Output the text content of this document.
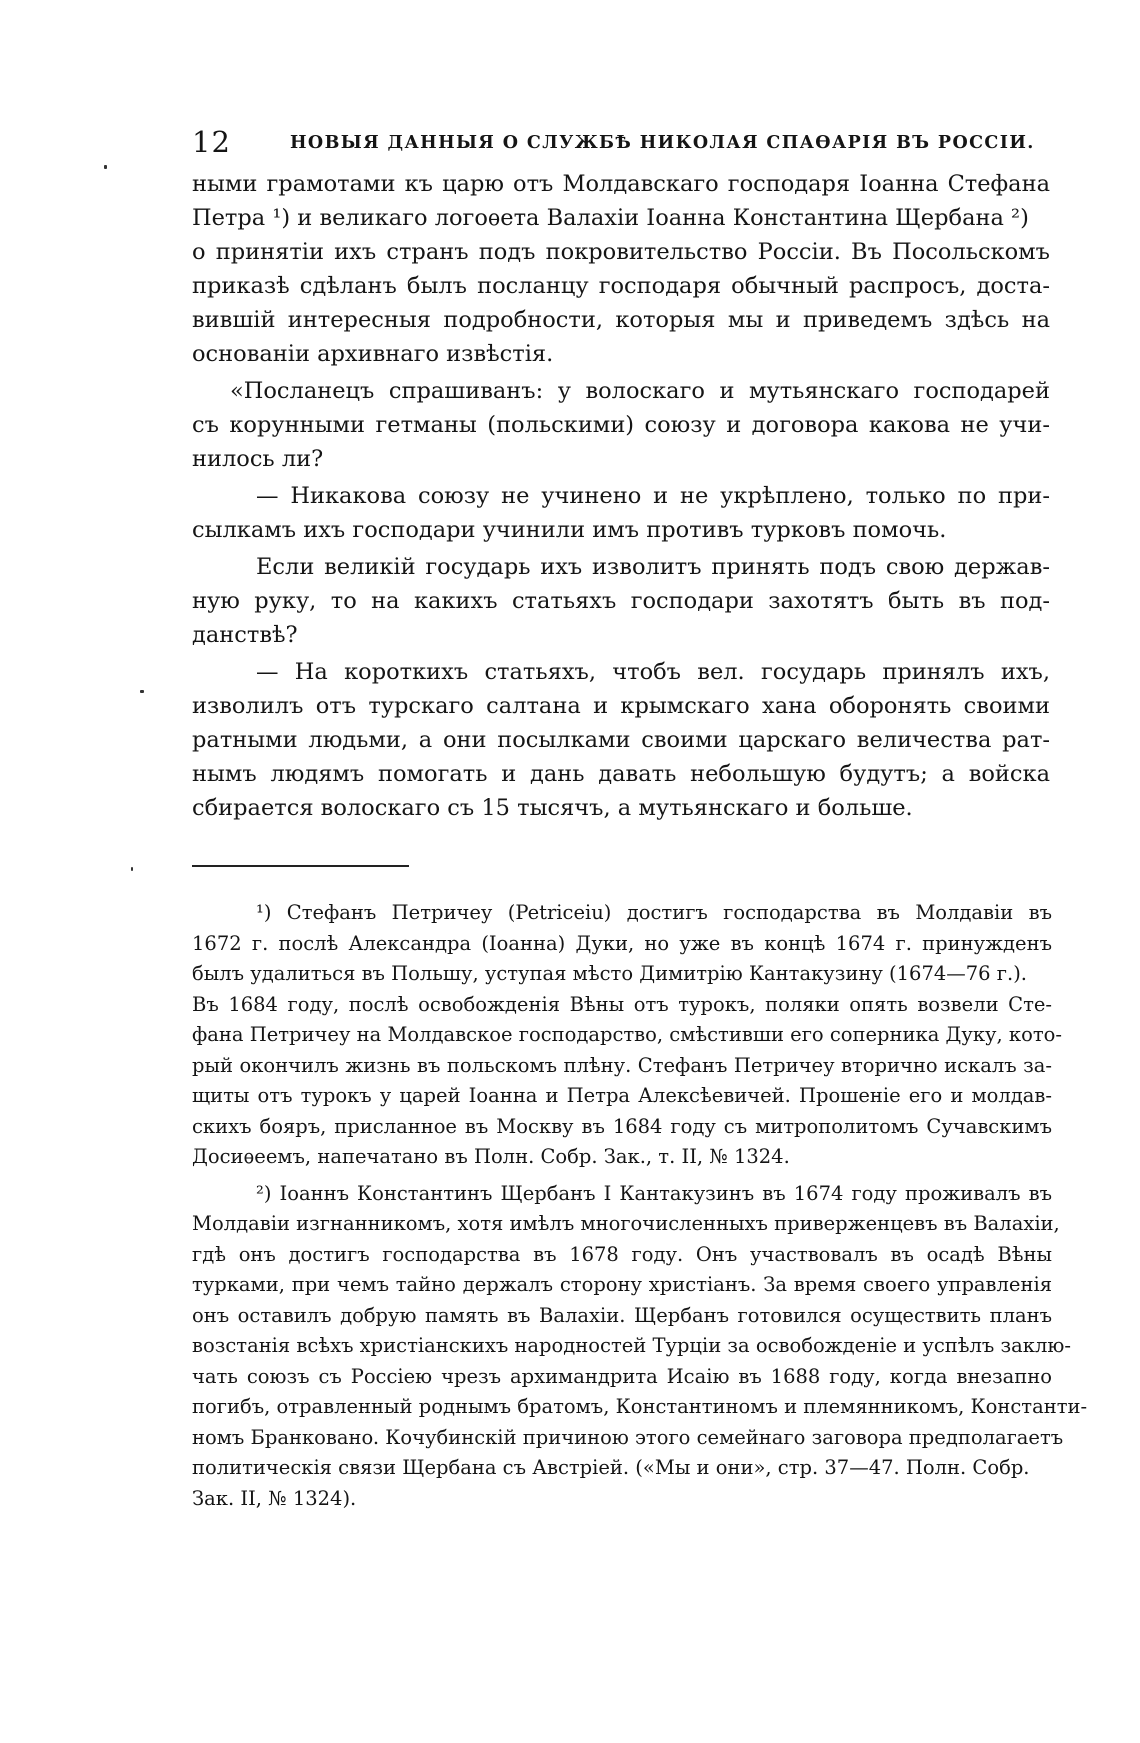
12	НОВЫЯ ДАННЫЯ О СЛУЖБѢ НИКОЛАЯ СПАѲАРІЯ ВЪ РОССІИ.
ными грамотами къ царю отъ Молдавскаго господаря Іоанна Стефана
Петра ¹) и великаго логоѳета Валахіи Іоанна Константина Щербана ²)
о принятіи ихъ странъ подъ покровительство Россіи. Въ Посольскомъ
приказѣ сдѣланъ былъ посланцу господаря обычный распросъ, доста-
вившій интересныя подробности, которыя мы и приведемъ здѣсь на
основаніи архивнаго извѣстія.
«Посланецъ спрашиванъ: у волоскаго и мутьянскаго господарей
съ корунными гетманы (польскими) союзу и договора какова не учи-
нилось ли?
— Никакова союзу не учинено и не укрѣплено, только по при-
сылкамъ ихъ господари учинили имъ противъ турковъ помочь.
Если великій государь ихъ изволитъ принять подъ свою держав-
ную руку, то на какихъ статьяхъ господари захотятъ быть въ под-
данствѣ?
— На короткихъ статьяхъ, чтобъ вел. государь принялъ ихъ,
изволилъ отъ турскаго салтана и крымскаго хана оборонять своими
ратными людьми, а они посылками своими царскаго величества рат-
нымъ людямъ помогать и дань давать небольшую будутъ; а войска
сбирается волоскаго съ 15 тысячъ, а мутьянскаго и больше.
¹) Стефанъ Петричеу (Petriceiu) достигъ господарства въ Молдавіи въ
1672 г. послѣ Александра (Іоанна) Дуки, но уже въ концѣ 1674 г. принужденъ
былъ удалиться въ Польшу, уступая мѣсто Димитрію Кантакузину (1674—76 г.).
Въ 1684 году, послѣ освобожденія Вѣны отъ турокъ, поляки опять возвели Сте-
фана Петричеу на Молдавское господарство, смѣстивши его соперника Дуку, кото-
рый окончилъ жизнь въ польскомъ плѣну. Стефанъ Петричеу вторично искалъ за-
щиты отъ турокъ у царей Іоанна и Петра Алексѣевичей. Прошеніе его и молдав-
скихъ бояръ, присланное въ Москву въ 1684 году съ митрополитомъ Сучавскимъ
Досиѳеемъ, напечатано въ Полн. Собр. Зак., т. II, № 1324.
²) Іоаннъ Константинъ Щербанъ I Кантакузинъ въ 1674 году проживалъ въ
Молдавіи изгнанникомъ, хотя имѣлъ многочисленныхъ приверженцевъ въ Валахіи,
гдѣ онъ достигъ господарства въ 1678 году. Онъ участвовалъ въ осадѣ Вѣны
турками, при чемъ тайно держалъ сторону христіанъ. За время своего управленія
онъ оставилъ добрую память въ Валахіи. Щербанъ готовился осуществить планъ
возстанія всѣхъ христіанскихъ народностей Турціи за освобожденіе и успѣлъ заклю-
чать союзъ съ Россіею чрезъ архимандрита Исаію въ 1688 году, когда внезапно
погибъ, отравленный роднымъ братомъ, Константиномъ и племянникомъ, Константи-
номъ Бранкованo. Кочубинскій причиною этого семейнаго заговора предполагаетъ
политическія связи Щербана съ Австріей. («Мы и они», стр. 37—47. Полн. Собр.
Зак. II, № 1324).
